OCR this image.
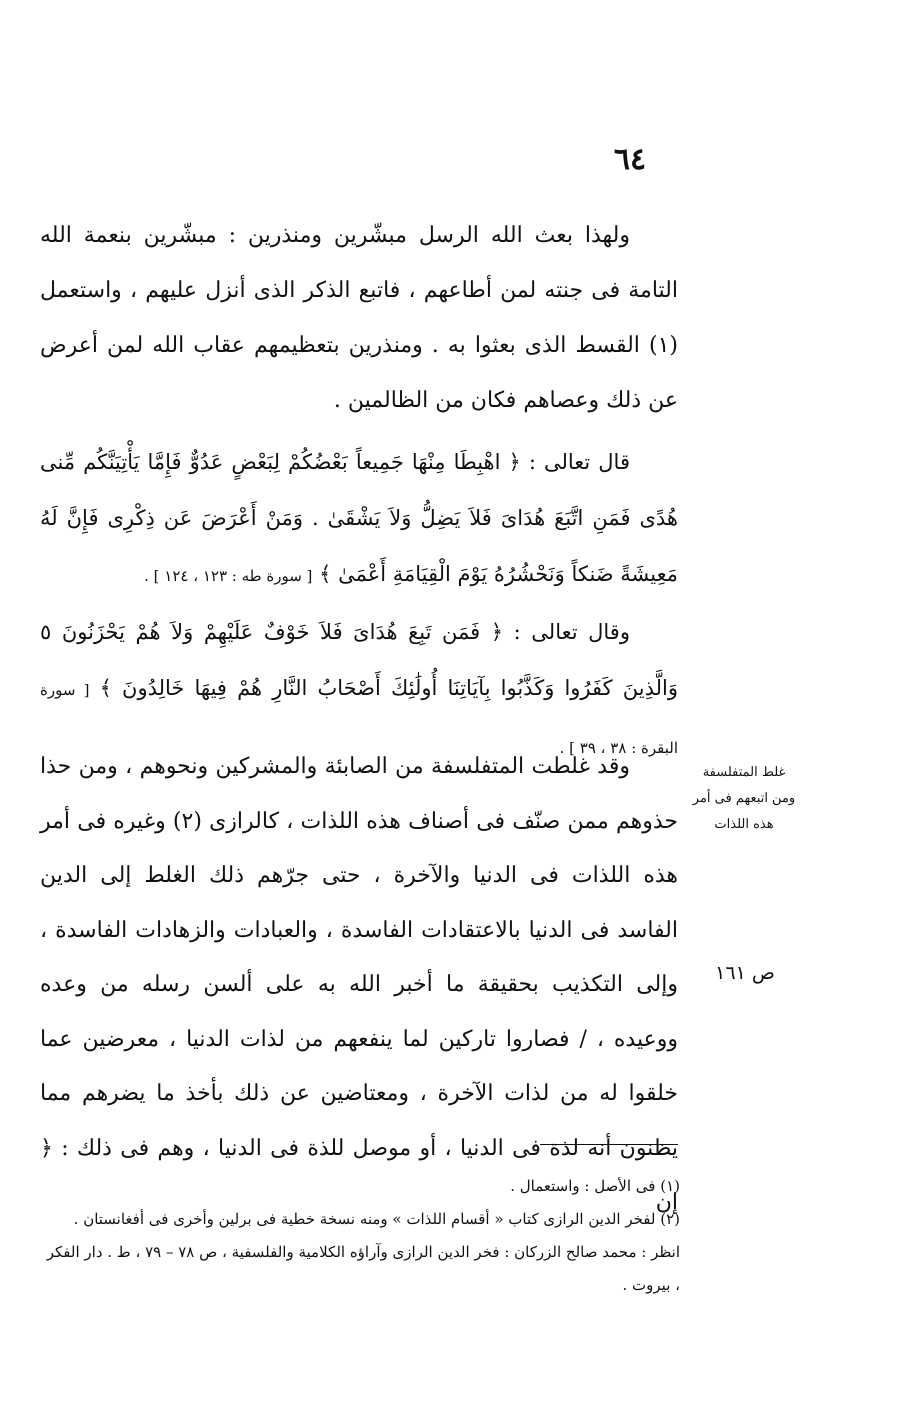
٦٤

ولهذا بعث الله الرسل مبشّرين ومنذرين : مبشّرين بنعمة الله التامة فى جنته لمن أطاعهم ، فاتبع الذكر الذى أنزل عليهم ، واستعمل (١) القسط الذى بعثوا به . ومنذرين بتعظيمهم عقاب الله لمن أعرض عن ذلك وعصاهم فكان من الظالمين .

قال تعالى : ﴿ اهْبِطَا مِنْهَا جَمِيعاً بَعْضُكُمْ لِبَعْضٍ عَدُوٌّ فَإِمَّا يَأْتِيَنَّكُم مِّنى هُدًى فَمَنِ اتَّبَعَ هُدَاىَ فَلاَ يَضِلُّ وَلاَ يَشْقَىٰ . وَمَنْ أَعْرَضَ عَن ذِكْرِى فَإِنَّ لَهُ مَعِيشَةً ضَنكاً وَنَحْشُرُهُ يَوْمَ الْقِيَامَةِ أَعْمَىٰ ﴾ [ سورة طه : ١٢٣ ، ١٢٤ ] .

وقال تعالى : ﴿ فَمَن تَبِعَ هُدَاىَ فَلاَ خَوْفٌ عَلَيْهِمْ وَلاَ هُمْ يَحْزَنُونَ ٥ وَالَّذِينَ كَفَرُوا وَكَذَّبُوا بِآيَاتِنَا أُولَٰئِكَ أَصْحَابُ النَّارِ هُمْ فِيهَا خَالِدُونَ ﴾ [ سورة البقرة : ٣٨ ، ٣٩ ] .

وقد غلطت المتفلسفة من الصابئة والمشركين ونحوهم ، ومن حذا حذوهم ممن صنّف فى أصناف هذه اللذات ، كالرازى (٢) وغيره فى أمر هذه اللذات فى الدنيا والآخرة ، حتى جرّهم ذلك الغلط إلى الدين الفاسد فى الدنيا بالاعتقادات الفاسدة ، والعبادات والزهادات الفاسدة ، وإلى التكذيب بحقيقة ما أخبر الله به على ألسن رسله من وعده ووعيده ، / فصاروا تاركين لما ينفعهم من لذات الدنيا ، معرضين عما خلقوا له من لذات الآخرة ، ومعتاضين عن ذلك بأخذ ما يضرهم مما يظنون أنه لذة فى الدنيا ، أو موصل للذة فى الدنيا ، وهم فى ذلك : ﴿ إن

غلط المتفلسفة
ومن اتبعهم فى أمر
هذه اللذات
ص ١٦١

(١) فى الأصل : واستعمال .

(٢) لفخر الدين الرازى كتاب « أقسام اللذات » ومنه نسخة خطية فى برلين وأخرى فى أفغانستان .

انظر : محمد صالح الزركان : فخر الدين الرازى وآراؤه الكلامية والفلسفية ، ص ٧٨ – ٧٩ ، ط . دار الفكر ، بيروت .
